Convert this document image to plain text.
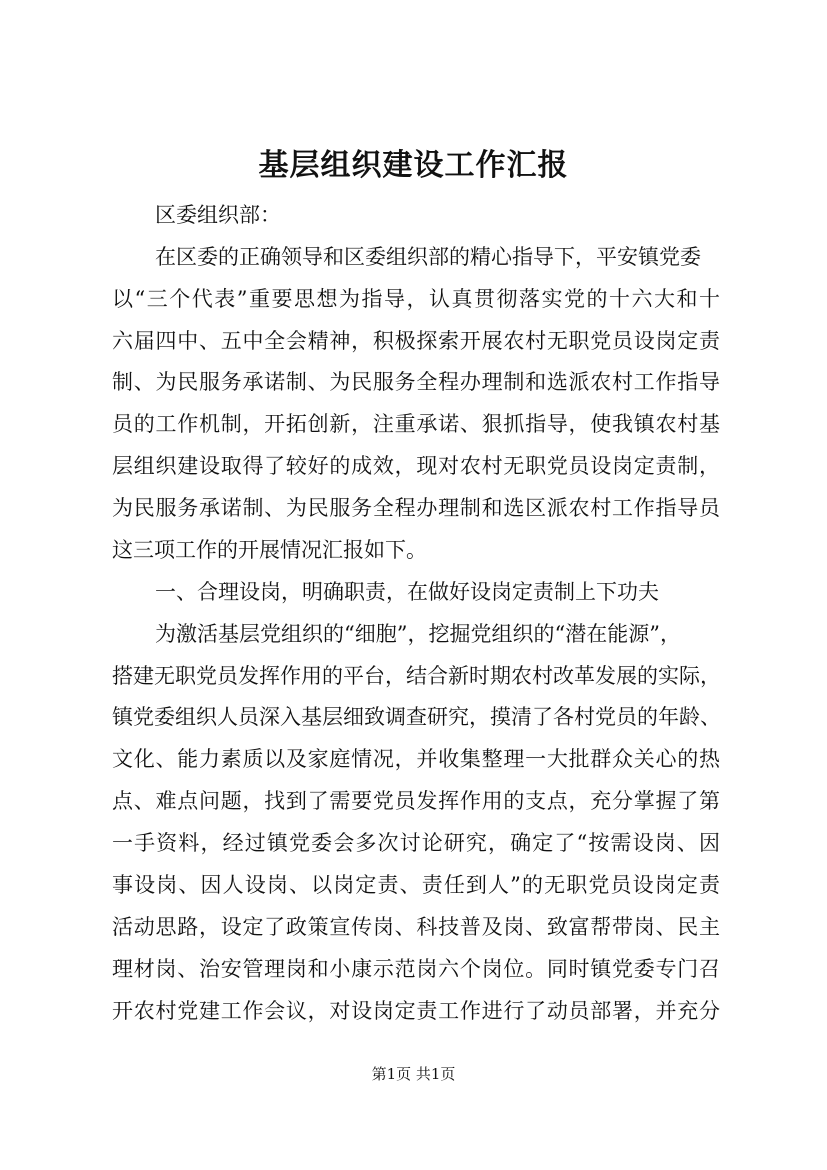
基层组织建设工作汇报
区委组织部：
在区委的正确领导和区委组织部的精心指导下，平安镇党委
以“三个代表”重要思想为指导，认真贯彻落实党的十六大和十
六届四中、五中全会精神，积极探索开展农村无职党员设岗定责
制、为民服务承诺制、为民服务全程办理制和选派农村工作指导
员的工作机制，开拓创新，注重承诺、狠抓指导，使我镇农村基
层组织建设取得了较好的成效，现对农村无职党员设岗定责制，
为民服务承诺制、为民服务全程办理制和选区派农村工作指导员
这三项工作的开展情况汇报如下。
一、合理设岗，明确职责，在做好设岗定责制上下功夫
为激活基层党组织的“细胞”，挖掘党组织的“潜在能源”，
搭建无职党员发挥作用的平台，结合新时期农村改革发展的实际，
镇党委组织人员深入基层细致调查研究，摸清了各村党员的年龄、
文化、能力素质以及家庭情况，并收集整理一大批群众关心的热
点、难点问题，找到了需要党员发挥作用的支点，充分掌握了第
一手资料，经过镇党委会多次讨论研究，确定了“按需设岗、因
事设岗、因人设岗、以岗定责、责任到人”的无职党员设岗定责
活动思路，设定了政策宣传岗、科技普及岗、致富帮带岗、民主
理材岗、治安管理岗和小康示范岗六个岗位。同时镇党委专门召
开农村党建工作会议，对设岗定责工作进行了动员部署，并充分
第1页 共1页
